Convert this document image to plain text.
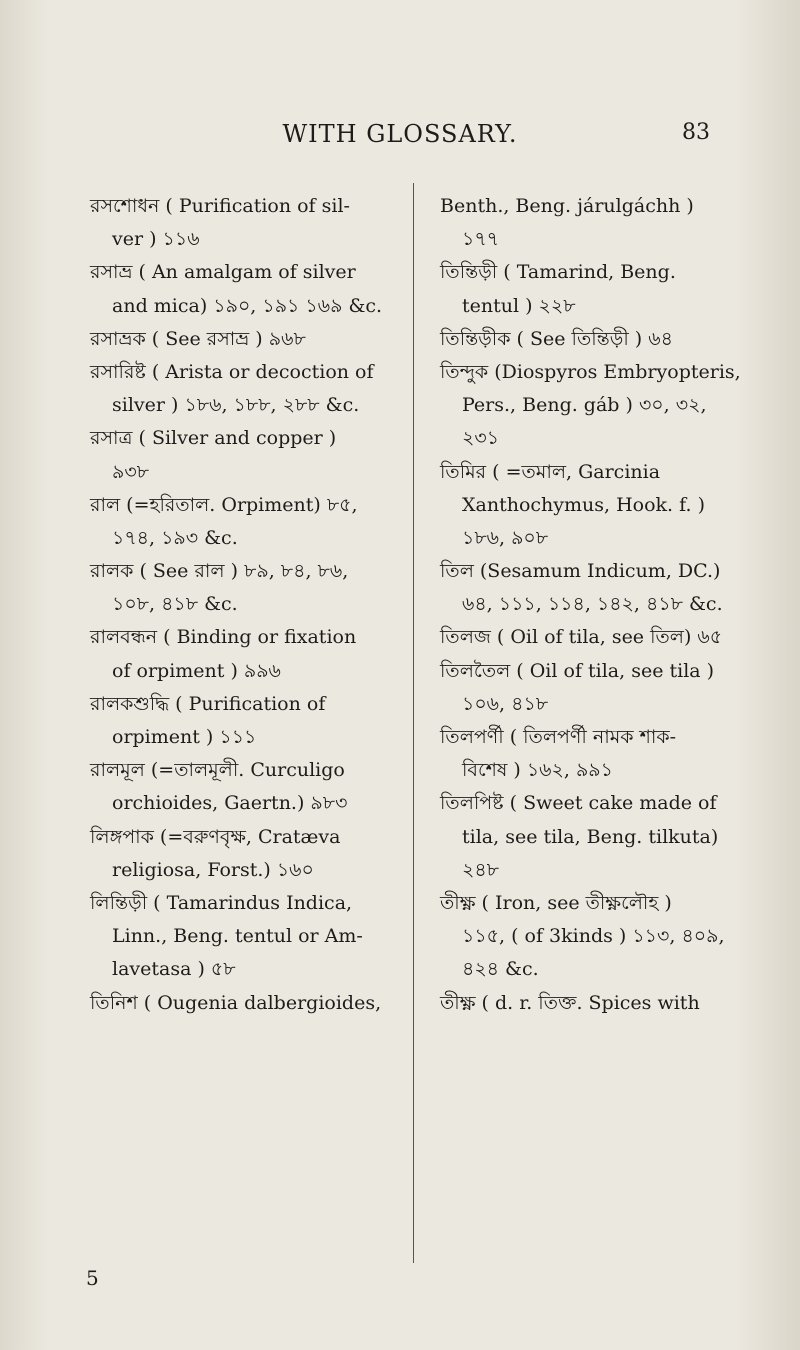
WITH GLOSSARY.	83
রসশোধন ( Purification of sil-
ver ) ১১৬
রসাভ্র ( An amalgam of silver
and mica) ১৯০, ১৯১ ১৬৯ &c.
রসাভ্রক ( See রসাভ্র ) ৯৬৮
রসারিষ্ট ( Arista or decoction of
silver ) ১৮৬, ১৮৮, ২৮৮ &c.
রসাত্র ( Silver and copper )
৯৩৮
রাল (=হরিতাল. Orpiment) ৮৫,
১৭৪, ১৯৩ &c.
রালক ( See রাল ) ৮৯, ৮৪, ৮৬,
১০৮, ৪১৮ &c.
রালবন্ধন ( Binding or fixation
of orpiment ) ৯৯৬
রালকশুদ্ধি ( Purification of
orpiment ) ১১১
রালমূল (=তালমূলী. Curculigo
orchioides, Gaertn.) ৯৮৩
লিঙ্গপাক (=বরুণবৃক্ষ, Cratæva
religiosa, Forst.) ১৬০
লিন্তিড়ী ( Tamarindus Indica,
Linn., Beng. tentul or Am-
lavetasa ) ৫৮
তিনিশ ( Ougenia dalbergioides,
Benth., Beng. járulgáchh )
১৭৭
তিন্তিড়ী ( Tamarind, Beng.
tentul ) ২২৮
তিন্তিড়ীক ( See তিন্তিড়ী ) ৬৪
তিন্দুক (Diospyros Embryopteris,
Pers., Beng. gáb ) ৩০, ৩২,
২৩১
তিমির ( =তমাল, Garcinia
Xanthochymus, Hook. f. )
১৮৬, ৯০৮
তিল (Sesamum Indicum, DC.)
৬৪, ১১১, ১১৪, ১৪২, ৪১৮ &c.
তিলজ ( Oil of tila, see তিল) ৬৫
তিলতৈল ( Oil of tila, see tila )
১০৬, ৪১৮
তিলপর্ণী ( তিলপর্ণী নামক শাক-
বিশেষ ) ১৬২, ৯৯১
তিলপিষ্ট ( Sweet cake made of
tila, see tila, Beng. tilkuta)
২৪৮
তীক্ষ্ণ ( Iron, see তীক্ষ্ণলৌহ )
১১৫, ( of 3kinds ) ১১৩, ৪০৯,
৪২৪ &c.
তীক্ষ্ণ ( d. r. তিক্ত. Spices with
5
